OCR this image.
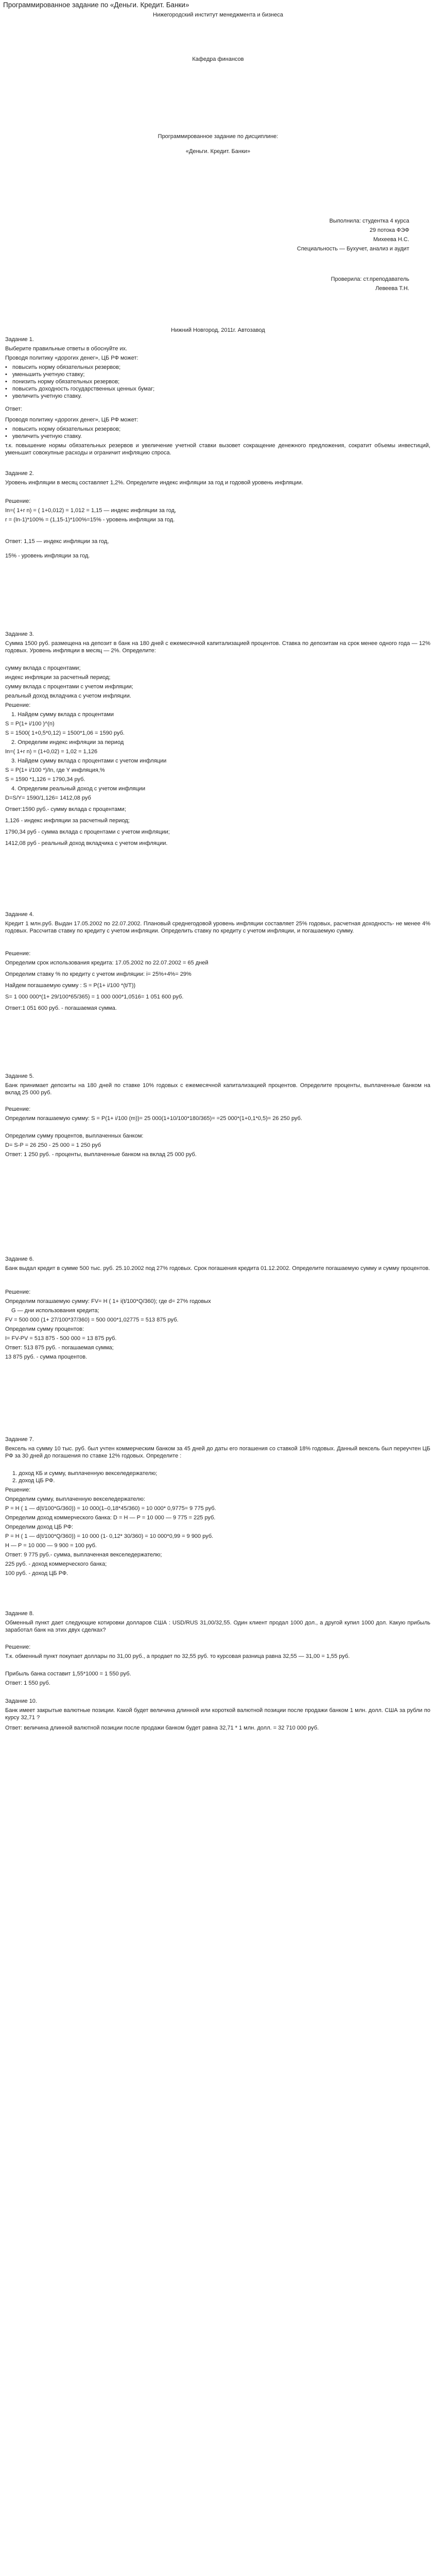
Программированное задание по «Деньги. Кредит. Банки»
Нижегородский институт менеджмента и бизнеса
Кафедра финансов
Программированное задание по дисциплине:
«Деньги. Кредит. Банки»
Выполнила: студентка 4 курса
29 потока ФЭФ
Михеева Н.С.
Специальность — Бухучет, анализ и аудит
Проверила: ст.преподаватель
Левеева Т.Н.
Нижний Новгород, 2011г. Автозавод
Задание 1.
Выберите правильные ответы в обоснуйте их.
Проводя политику «дорогих денег», ЦБ РФ может:
• повысить норму обязательных резервов;
• уменьшить учетную ставку;
• понизить норму обязательных резервов;
• повысить доходность государственных ценных бумаг;
• увеличить учетную ставку.
Ответ:
Проводя политику «дорогих денег», ЦБ РФ может:
• повысить норму обязательных резервов;
• увеличить учетную ставку.
т.к. повышение нормы обязательных резервов и увеличение учетной ставки вызовет сокращение денежного предложения, сократит объемы инвестиций, уменьшит совокупные расходы и ограничит инфляцию спроса.
Задание 2.
Уровень инфляции в месяц составляет 1,2%. Определите индекс инфляции за год и годовой уровень инфляции.
Решение:
In=( 1+r n) = ( 1+0,012) = 1,012 = 1,15 — индекс инфляции за год,
r = (In-1)*100% = (1,15-1)*100%=15% - уровень инфляции за год.
Ответ: 1,15 — индекс инфляции за год,
15% - уровень инфляции за год.
Задание 3.
Сумма 1500 руб. размещена на депозит в банк на 180 дней с ежемесячной капитализацией процентов. Ставка по депозитам на срок менее одного года — 12% годовых. Уровень инфляции в месяц — 2%. Определите:
сумму вклада с процентами;
индекс инфляции за расчетный период;
сумму вклада с процентами с учетом инфляции;
реальный доход вкладчика с учетом инфляции.
Решение:
1. Найдем сумму вклада с процентами
S = P(1+ i/100 )^(n)
S = 1500( 1+0,5*0,12) = 1500*1,06 = 1590 руб.
2. Определим индекс инфляции за период
In=( 1+r n) = (1+0,02) = 1,02 = 1,126
3. Найдем сумму вклада с процентами с учетом инфляции
S = P(1+ i/100 *)/In, где Y инфляция,%
S = 1590 *1,126 = 1790,34 руб.
4. Определим реальный доход с учетом инфляции
D=S/Y= 1590/1,126= 1412,08 руб
Ответ:1590 руб.- сумму вклада с процентами;
1,126 - индекс инфляции за расчетный период;
1790,34 руб - сумма вклада с процентами с учетом инфляции;
1412,08 руб - реальный доход вкладчика с учетом инфляции.
Задание 4.
Кредит 1 млн.руб. Выдан 17.05.2002 по 22.07.2002. Плановый среднегодовой уровень инфляции составляет 25% годовых, расчетная доходность- не менее 4% годовых. Рассчитав ставку по кредиту с учетом инфляции. Определить ставку по кредиту с учетом инфляции, и погашаемую сумму.
Решение:
Определим срок использования кредита: 17.05.2002 по 22.07.2002 = 65 дней
Определим ставку % по кредиту с учетом инфляции: i= 25%+4%= 29%
Найдем погашаемую сумму : S = P(1+ i/100 *(t/T))
S= 1 000 000*(1+ 29/100*65/365) = 1 000 000*1,0516= 1 051 600 руб.
Ответ:1 051 600 руб. - погашаемая сумма.
Задание 5.
Банк принимает депозиты на 180 дней по ставке 10% годовых с ежемесячной капитализацией процентов. Определите проценты, выплаченные банком на вклад 25 000 руб.
Решение:
Определим погашаемую сумму: S = P(1+ i/100 (m))= 25 000(1+10/100*180/365)= =25 000*(1+0,1*0,5)= 26 250 руб.
Определим сумму процентов, выплаченных банком:
D= S-P = 26 250 - 25 000 = 1 250 руб
Ответ: 1 250 руб. - проценты, выплаченные банком на вклад 25 000 руб.
Задание 6.
Банк выдал кредит в сумме 500 тыс. руб. 25.10.2002 под 27% годовых. Срок погашения кредита 01.12.2002. Определите погашаемую сумму и сумму процентов.
Решение:
Определим погашаемую сумму: FV= H ( 1+ i(t/100*Q/360); где d= 27% годовых
G — дни использования кредита;
FV = 500 000 (1+ 27/100*37/360) = 500 000*1,02775 = 513 875 руб.
Определим сумму процентов:
I= FV-PV = 513 875 - 500 000 = 13 875 руб.
Ответ: 513 875 руб. - погашаемая сумма;
13 875 руб. - сумма процентов.
Задание 7.
Вексель на сумму 10 тыс. руб. был учтен коммерческим банком за 45 дней до даты его погашения со ставкой 18% годовых. Данный вексель был переучтен ЦБ РФ за 30 дней до погашения по ставке 12% годовых. Определите :
1. доход КБ и сумму, выплаченную векселедержателю;
2. доход ЦБ РФ.
Решение:
Определим сумму, выплаченную векселедержателю:
P = H ( 1 — d(t/100*G/360)) = 10 000(1–0,18*45/360) = 10 000* 0,9775= 9 775 руб.
Определим доход коммерческого банка: D = H — P = 10 000 — 9 775 = 225 руб.
Определим доход ЦБ РФ:
P = H ( 1 — d(t/100*Q/360)) = 10 000 (1- 0,12* 30/360) = 10 000*0,99 = 9 900 руб.
H — P = 10 000 — 9 900 = 100 руб.
Ответ: 9 775 руб.- сумма, выплаченная векселедержателю;
225 руб. - доход коммерческого банка;
100 руб. - доход ЦБ РФ.
Задание 8.
Обменный пункт дает следующие котировки долларов США : USD/RUS 31,00/32,55. Один клиент продал 1000 дол., а другой купил 1000 дол. Какую прибыль заработал банк на этих двух сделках?
Решение:
Т.к. обменный пункт покупает доллары по 31,00 руб., а продает по 32,55 руб. то курсовая разница равна 32,55 — 31,00 = 1,55 руб.
Прибыль банка составит 1,55*1000 = 1 550 руб.
Ответ: 1 550 руб.
Задание 10.
Банк имеет закрытые валютные позиции. Какой будет величина длинной или короткой валютной позиции после продажи банком 1 млн. долл. США за рубли по курсу 32,71 ?
Ответ: величина длинной валютной позиции после продажи банком будет равна 32,71 * 1 млн. долл. = 32 710 000 руб.
